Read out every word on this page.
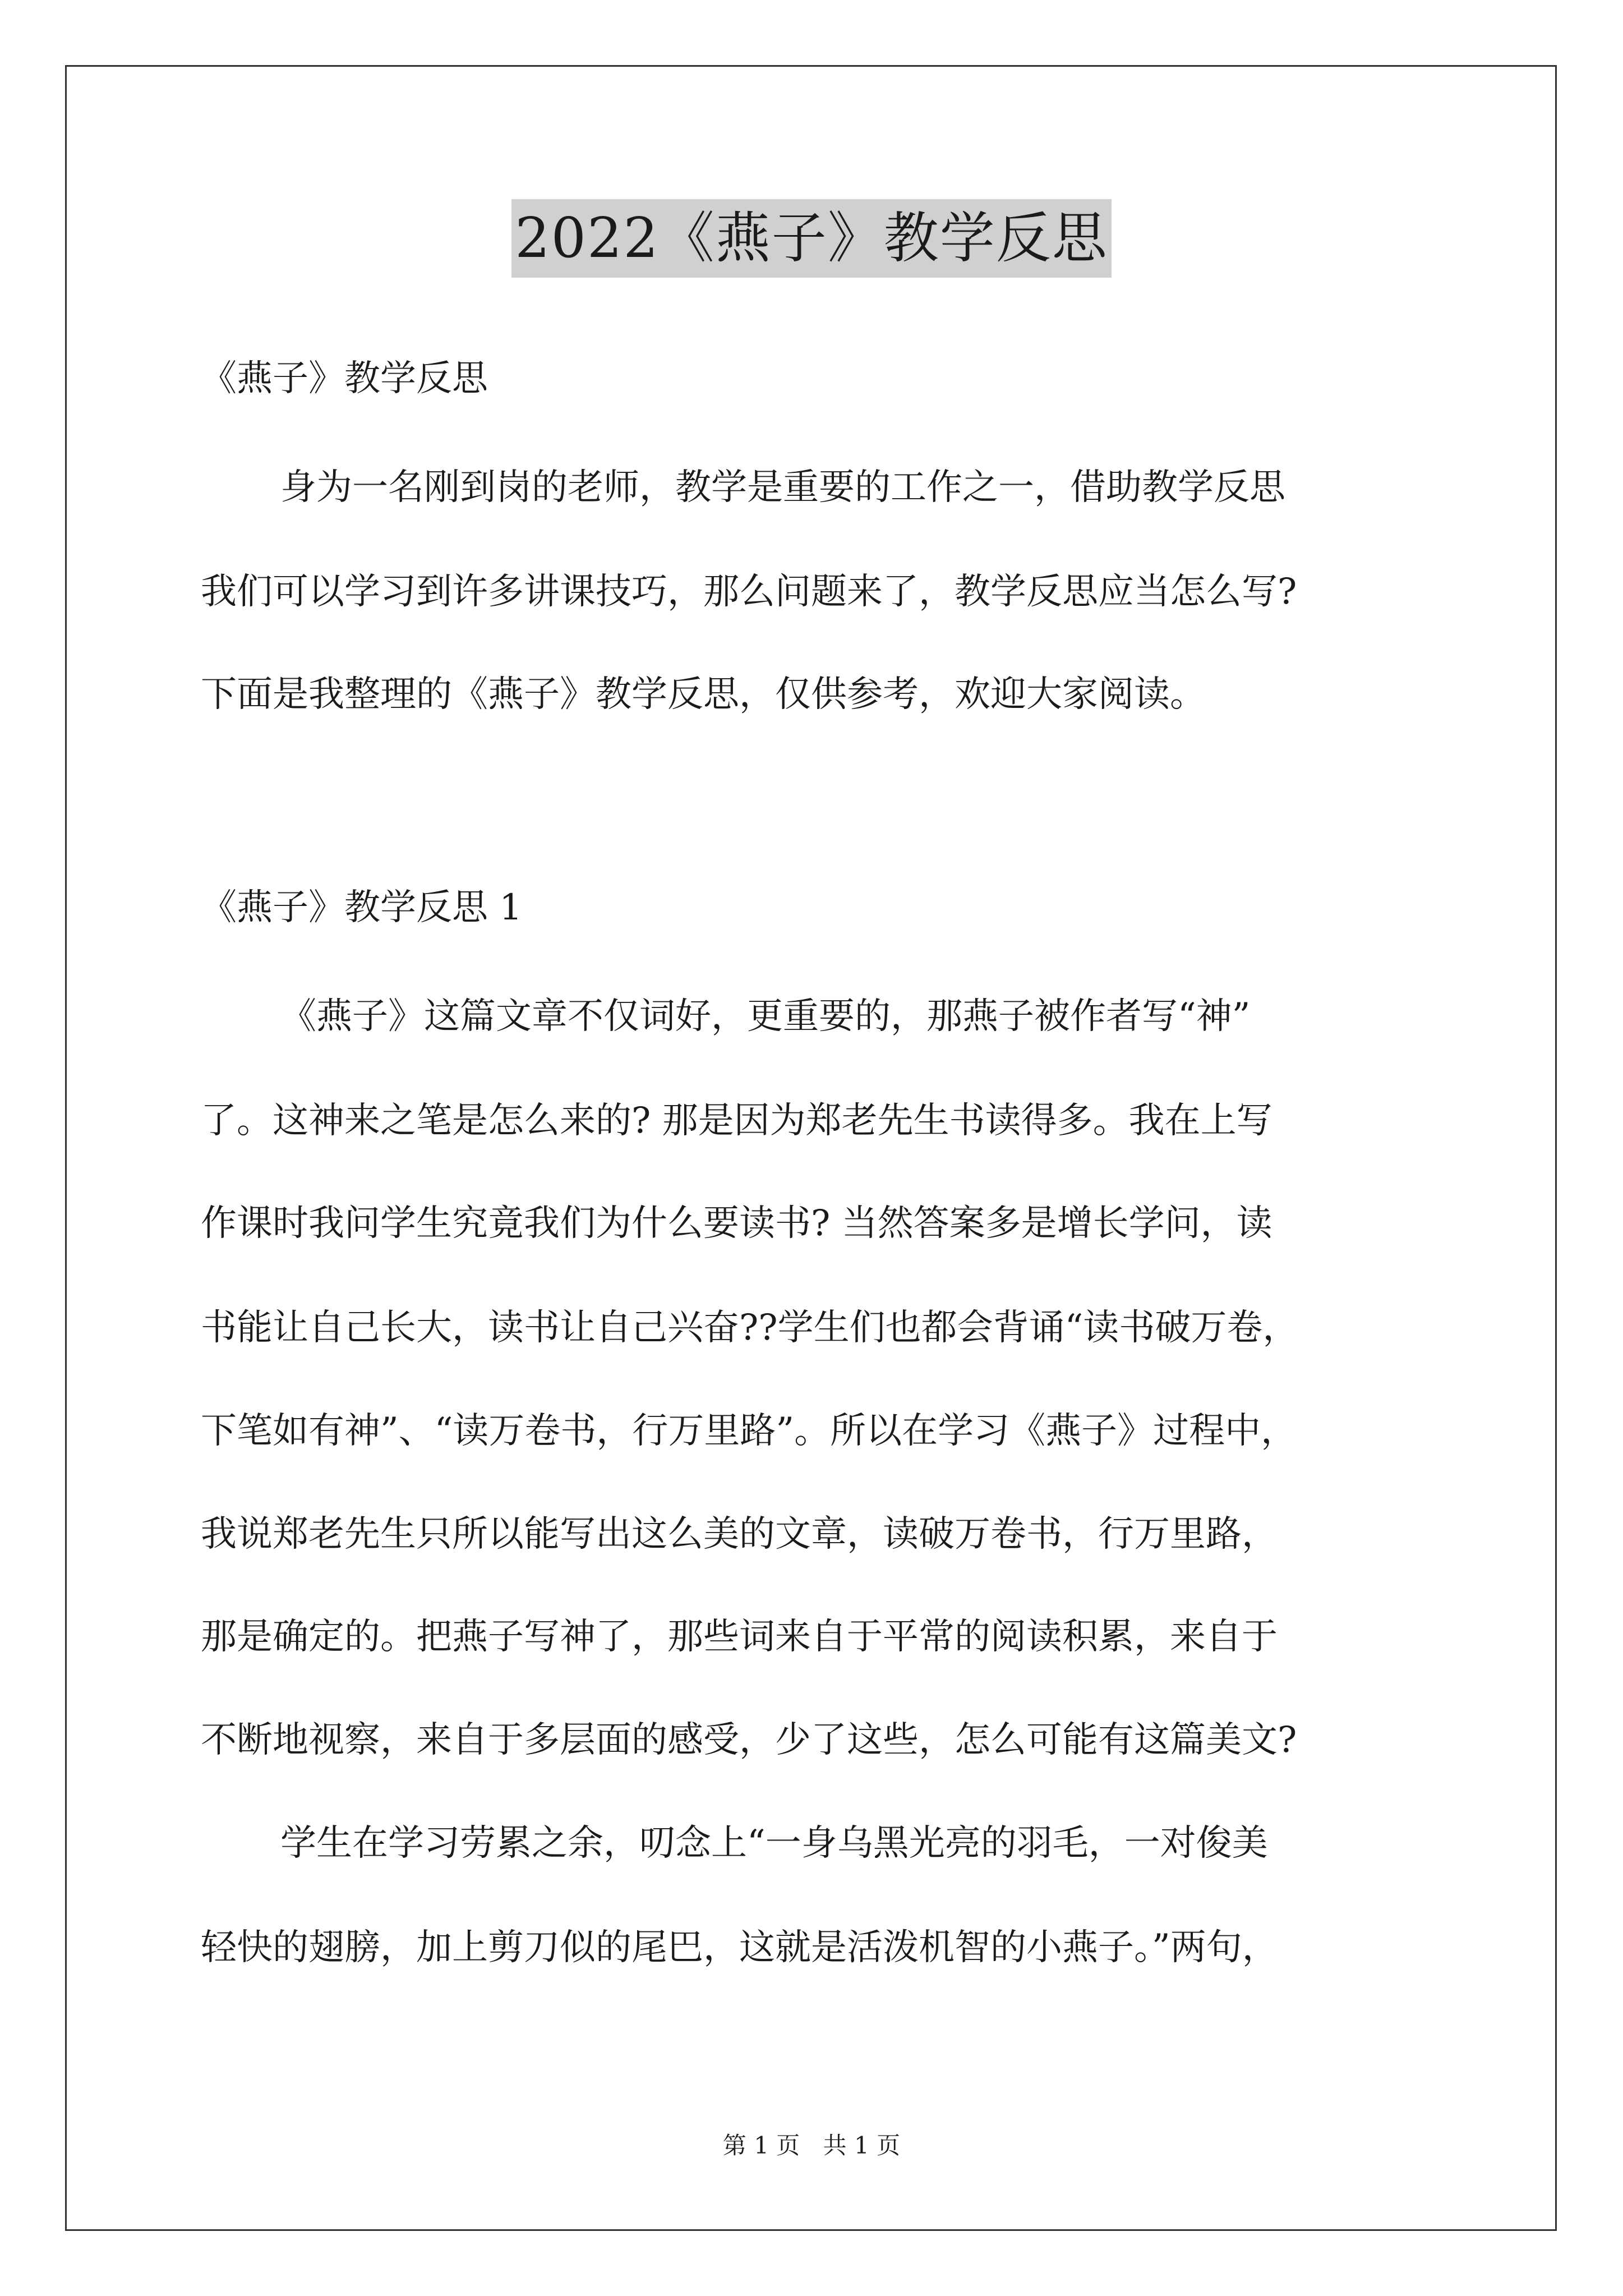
2022《燕子》教学反思
《燕子》教学反思
身为一名刚到岗的老师，教学是重要的工作之一，借助教学反思
我们可以学习到许多讲课技巧，那么问题来了，教学反思应当怎么写?
下面是我整理的《燕子》教学反思，仅供参考，欢迎大家阅读。
《燕子》教学反思 1
《燕子》这篇文章不仅词好，更重要的，那燕子被作者写“神”
了。这神来之笔是怎么来的? 那是因为郑老先生书读得多。我在上写
作课时我问学生究竟我们为什么要读书? 当然答案多是增长学问，读
书能让自己长大，读书让自己兴奋??学生们也都会背诵“读书破万卷，
下笔如有神”、“读万卷书，行万里路”。所以在学习《燕子》过程中，
我说郑老先生只所以能写出这么美的文章，读破万卷书，行万里路，
那是确定的。把燕子写神了，那些词来自于平常的阅读积累，来自于
不断地视察，来自于多层面的感受，少了这些，怎么可能有这篇美文?
学生在学习劳累之余，叨念上“一身乌黑光亮的羽毛，一对俊美
轻快的翅膀，加上剪刀似的尾巴，这就是活泼机智的小燕子。”两句，
第 1 页 共 1 页
